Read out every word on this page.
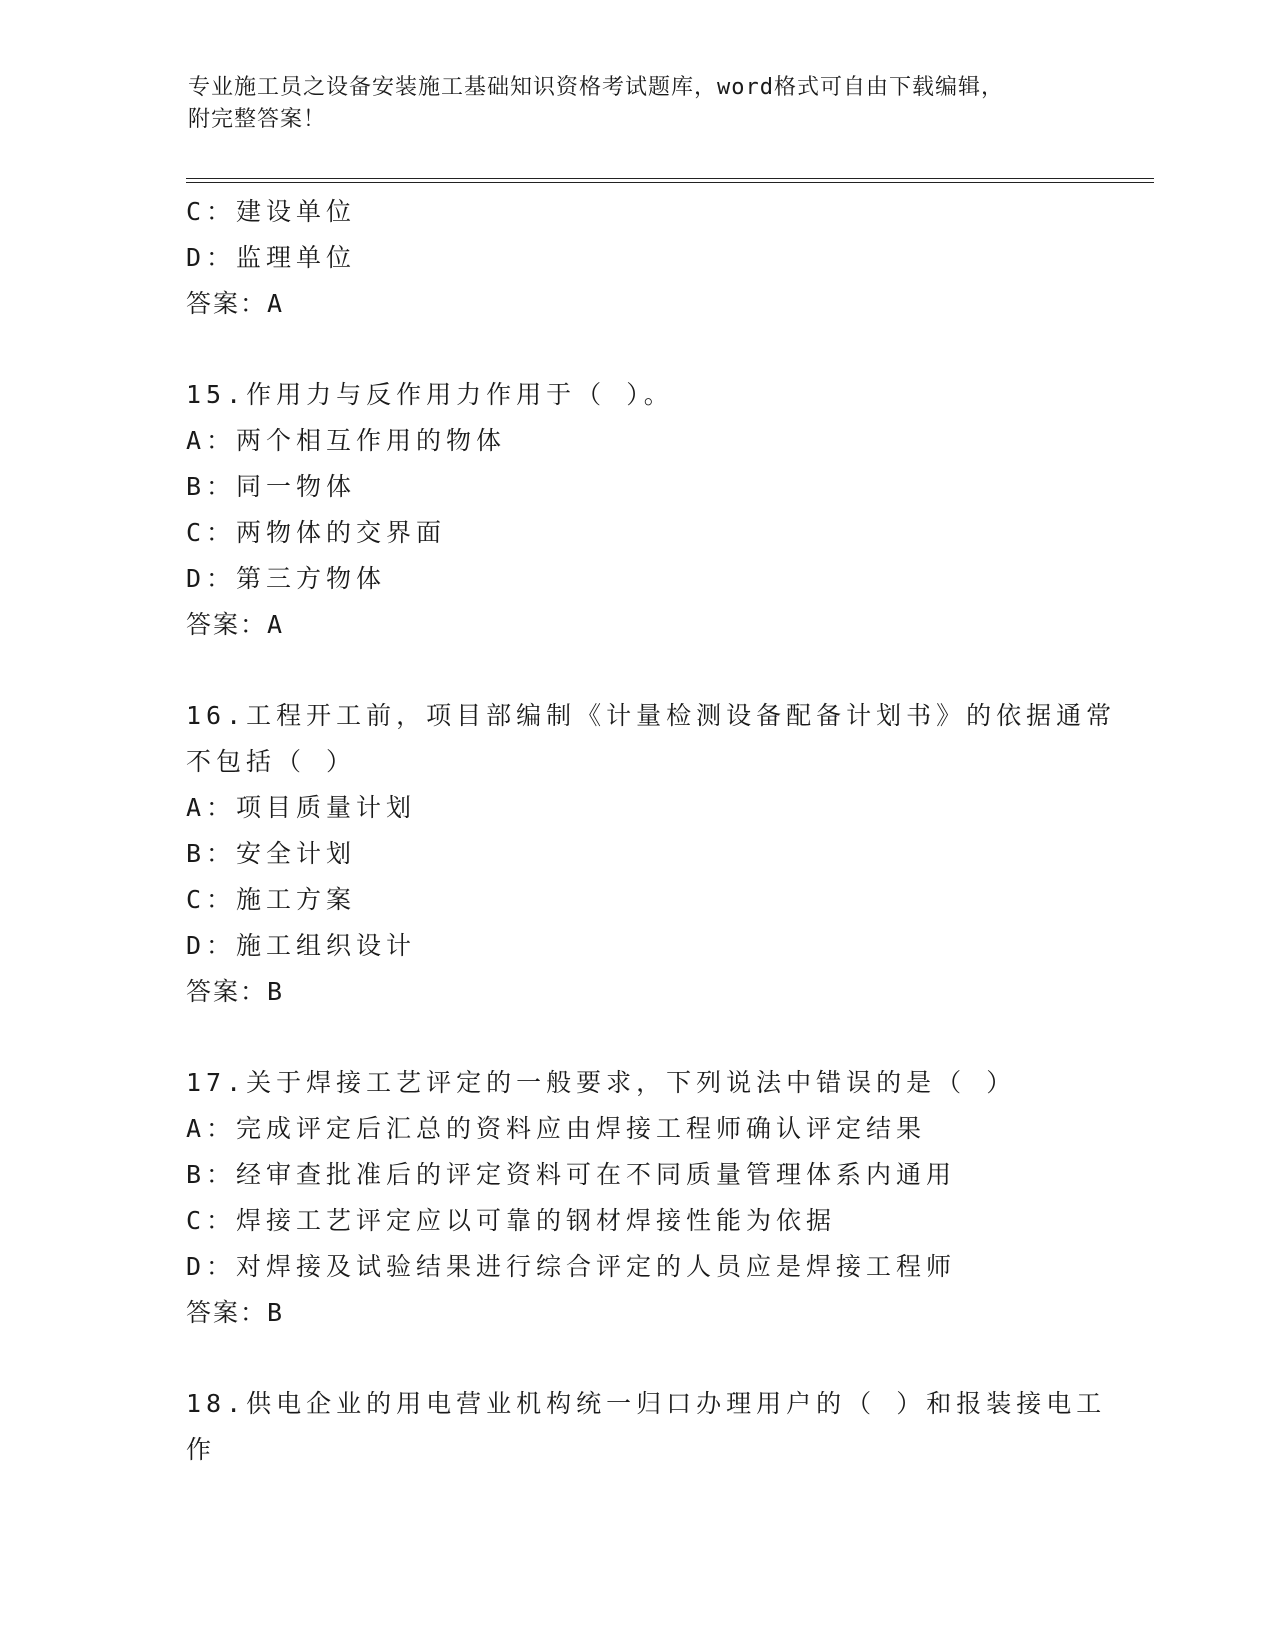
专业施工员之设备安装施工基础知识资格考试题库，word格式可自由下载编辑，
附完整答案！
C：建设单位
D：监理单位
答案：A
15.作用力与反作用力作用于（ ）。
A：两个相互作用的物体
B：同一物体
C：两物体的交界面
D：第三方物体
答案：A
16.工程开工前，项目部编制《计量检测设备配备计划书》的依据通常
不包括（ ）
A：项目质量计划
B：安全计划
C：施工方案
D：施工组织设计
答案：B
17.关于焊接工艺评定的一般要求，下列说法中错误的是（ ）
A：完成评定后汇总的资料应由焊接工程师确认评定结果
B：经审查批准后的评定资料可在不同质量管理体系内通用
C：焊接工艺评定应以可靠的钢材焊接性能为依据
D：对焊接及试验结果进行综合评定的人员应是焊接工程师
答案：B
18.供电企业的用电营业机构统一归口办理用户的（ ）和报装接电工
作
